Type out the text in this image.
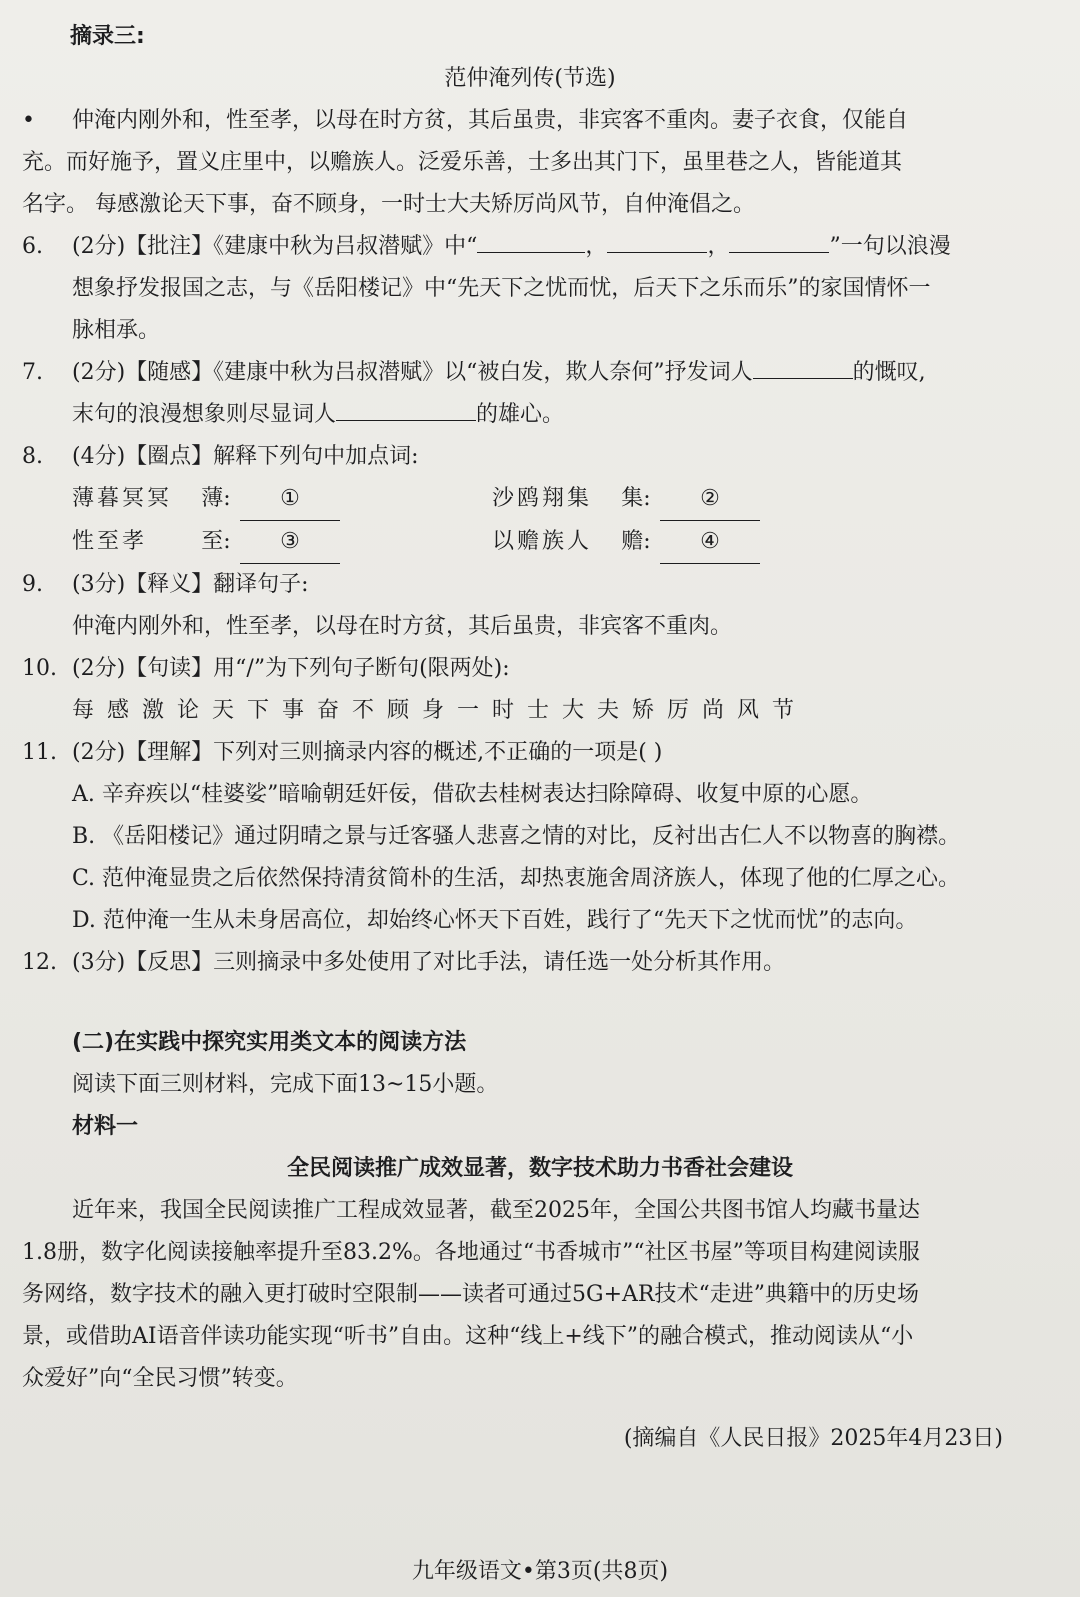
摘录三:
范仲淹列传(节选)
• 仲淹内刚外和，性至孝，以母在时方贫，其后虽贵，非宾客不重肉。妻子衣食，仅能自
充。而好施予，置义庄里中，以赡族人。泛爱乐善，士多出其门下，虽里巷之人，皆能道其
名字。 每感激论天下事，奋不顾身，一时士大夫矫厉尚风节，自仲淹倡之。
6. (2分)【批注】《建康中秋为吕叔潜赋》中“	，	，	”一句以浪漫
想象抒发报国之志，与《岳阳楼记》中“先天下之忧而忧，后天下之乐而乐”的家国情怀一
脉相承。
7. (2分)【随感】《建康中秋为吕叔潜赋》以“被白发，欺人奈何”抒发词人	的慨叹,
末句的浪漫想象则尽显词人	的雄心。
8. (4分)【圈点】解释下列句中加点词:
薄暮冥冥	薄:	①	沙鸥翔集	集:	②
性至孝	至:	③	以赡族人	赡:	④
9. (3分)【释义】翻译句子:
仲淹内刚外和，性至孝，以母在时方贫，其后虽贵，非宾客不重肉。
10. (2分)【句读】用“/”为下列句子断句(限两处):
每感激论天下事奋不顾身一时士大夫矫厉尚风节
11. (2分)【理解】下列对三则摘录内容的概述,不正确的一项是( )
A. 辛弃疾以“桂婆娑”暗喻朝廷奸佞，借砍去桂树表达扫除障碍、收复中原的心愿。
B. 《岳阳楼记》通过阴晴之景与迁客骚人悲喜之情的对比，反衬出古仁人不以物喜的胸襟。
C. 范仲淹显贵之后依然保持清贫简朴的生活，却热衷施舍周济族人，体现了他的仁厚之心。
D. 范仲淹一生从未身居高位，却始终心怀天下百姓，践行了“先天下之忧而忧”的志向。
12. (3分)【反思】三则摘录中多处使用了对比手法，请任选一处分析其作用。
(二)在实践中探究实用类文本的阅读方法
阅读下面三则材料，完成下面13~15小题。
材料一
全民阅读推广成效显著，数字技术助力书香社会建设
近年来，我国全民阅读推广工程成效显著，截至2025年，全国公共图书馆人均藏书量达
1.8册，数字化阅读接触率提升至83.2%。各地通过“书香城市”“社区书屋”等项目构建阅读服
务网络，数字技术的融入更打破时空限制——读者可通过5G+AR技术“走进”典籍中的历史场
景，或借助AI语音伴读功能实现“听书”自由。这种“线上+线下”的融合模式，推动阅读从“小
众爱好”向“全民习惯”转变。
(摘编自《人民日报》2025年4月23日)
九年级语文•第3页(共8页)
